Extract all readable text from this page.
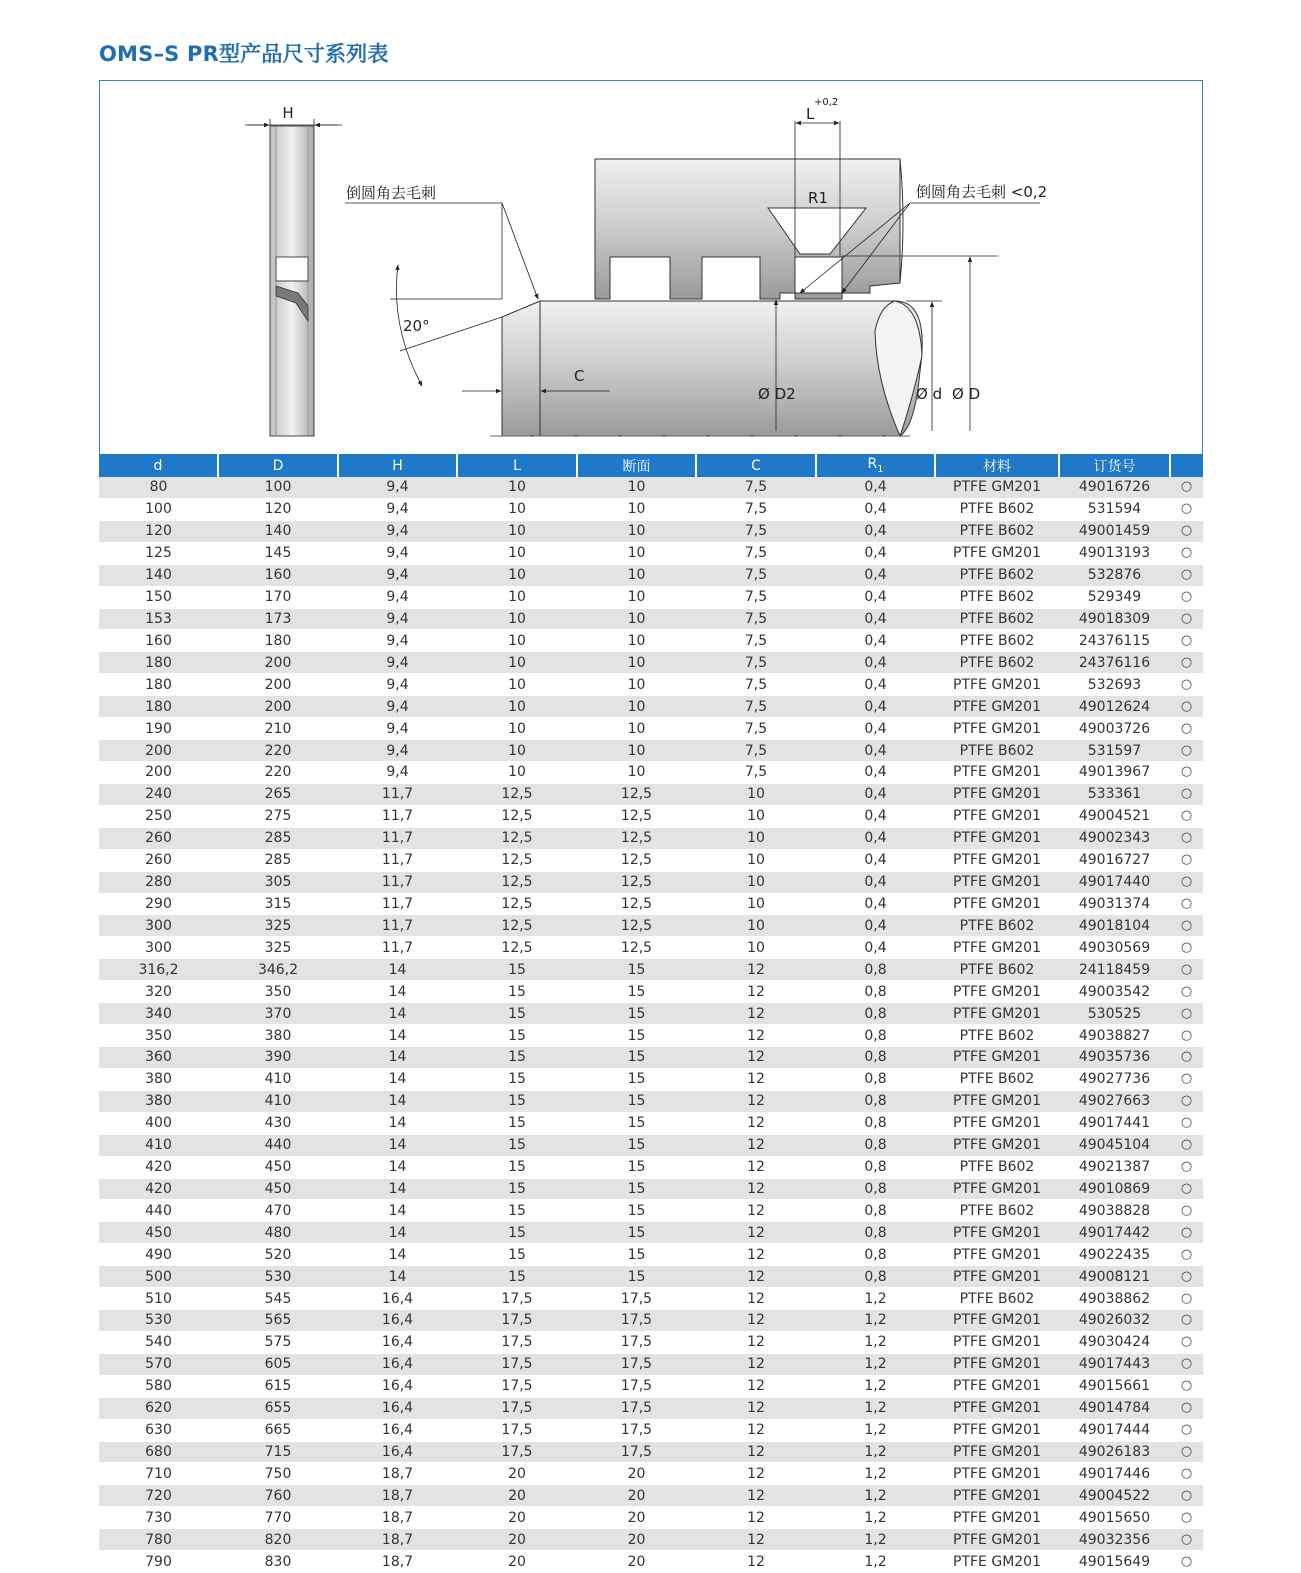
OMS–S PR型产品尺寸系列表
H
R1
L
+0,2
倒圆角去毛刺	倒圆角去毛刺 <0,2
20°
C
Ø D2	Ø d Ø D
d	D	H	L	断面	C	$R_1$	材料	订货号	
80	100	9,4	10	10	7,5	0,4	PTFE GM201	49016726	○
100	120	9,4	10	10	7,5	0,4	PTFE B602	531594	○
120	140	9,4	10	10	7,5	0,4	PTFE B602	49001459	○
125	145	9,4	10	10	7,5	0,4	PTFE GM201	49013193	○
140	160	9,4	10	10	7,5	0,4	PTFE B602	532876	○
150	170	9,4	10	10	7,5	0,4	PTFE B602	529349	○
153	173	9,4	10	10	7,5	0,4	PTFE B602	49018309	○
160	180	9,4	10	10	7,5	0,4	PTFE B602	24376115	○
180	200	9,4	10	10	7,5	0,4	PTFE B602	24376116	○
180	200	9,4	10	10	7,5	0,4	PTFE GM201	532693	○
180	200	9,4	10	10	7,5	0,4	PTFE GM201	49012624	○
190	210	9,4	10	10	7,5	0,4	PTFE GM201	49003726	○
200	220	9,4	10	10	7,5	0,4	PTFE B602	531597	○
200	220	9,4	10	10	7,5	0,4	PTFE GM201	49013967	○
240	265	11,7	12,5	12,5	10	0,4	PTFE GM201	533361	○
250	275	11,7	12,5	12,5	10	0,4	PTFE GM201	49004521	○
260	285	11,7	12,5	12,5	10	0,4	PTFE GM201	49002343	○
260	285	11,7	12,5	12,5	10	0,4	PTFE GM201	49016727	○
280	305	11,7	12,5	12,5	10	0,4	PTFE GM201	49017440	○
290	315	11,7	12,5	12,5	10	0,4	PTFE GM201	49031374	○
300	325	11,7	12,5	12,5	10	0,4	PTFE B602	49018104	○
300	325	11,7	12,5	12,5	10	0,4	PTFE GM201	49030569	○
316,2	346,2	14	15	15	12	0,8	PTFE B602	24118459	○
320	350	14	15	15	12	0,8	PTFE GM201	49003542	○
340	370	14	15	15	12	0,8	PTFE GM201	530525	○
350	380	14	15	15	12	0,8	PTFE B602	49038827	○
360	390	14	15	15	12	0,8	PTFE GM201	49035736	○
380	410	14	15	15	12	0,8	PTFE B602	49027736	○
380	410	14	15	15	12	0,8	PTFE GM201	49027663	○
400	430	14	15	15	12	0,8	PTFE GM201	49017441	○
410	440	14	15	15	12	0,8	PTFE GM201	49045104	○
420	450	14	15	15	12	0,8	PTFE B602	49021387	○
420	450	14	15	15	12	0,8	PTFE GM201	49010869	○
440	470	14	15	15	12	0,8	PTFE B602	49038828	○
450	480	14	15	15	12	0,8	PTFE GM201	49017442	○
490	520	14	15	15	12	0,8	PTFE GM201	49022435	○
500	530	14	15	15	12	0,8	PTFE GM201	49008121	○
510	545	16,4	17,5	17,5	12	1,2	PTFE B602	49038862	○
530	565	16,4	17,5	17,5	12	1,2	PTFE GM201	49026032	○
540	575	16,4	17,5	17,5	12	1,2	PTFE GM201	49030424	○
570	605	16,4	17,5	17,5	12	1,2	PTFE GM201	49017443	○
580	615	16,4	17,5	17,5	12	1,2	PTFE GM201	49015661	○
620	655	16,4	17,5	17,5	12	1,2	PTFE GM201	49014784	○
630	665	16,4	17,5	17,5	12	1,2	PTFE GM201	49017444	○
680	715	16,4	17,5	17,5	12	1,2	PTFE GM201	49026183	○
710	750	18,7	20	20	12	1,2	PTFE GM201	49017446	○
720	760	18,7	20	20	12	1,2	PTFE GM201	49004522	○
730	770	18,7	20	20	12	1,2	PTFE GM201	49015650	○
780	820	18,7	20	20	12	1,2	PTFE GM201	49032356	○
790	830	18,7	20	20	12	1,2	PTFE GM201	49015649	○
